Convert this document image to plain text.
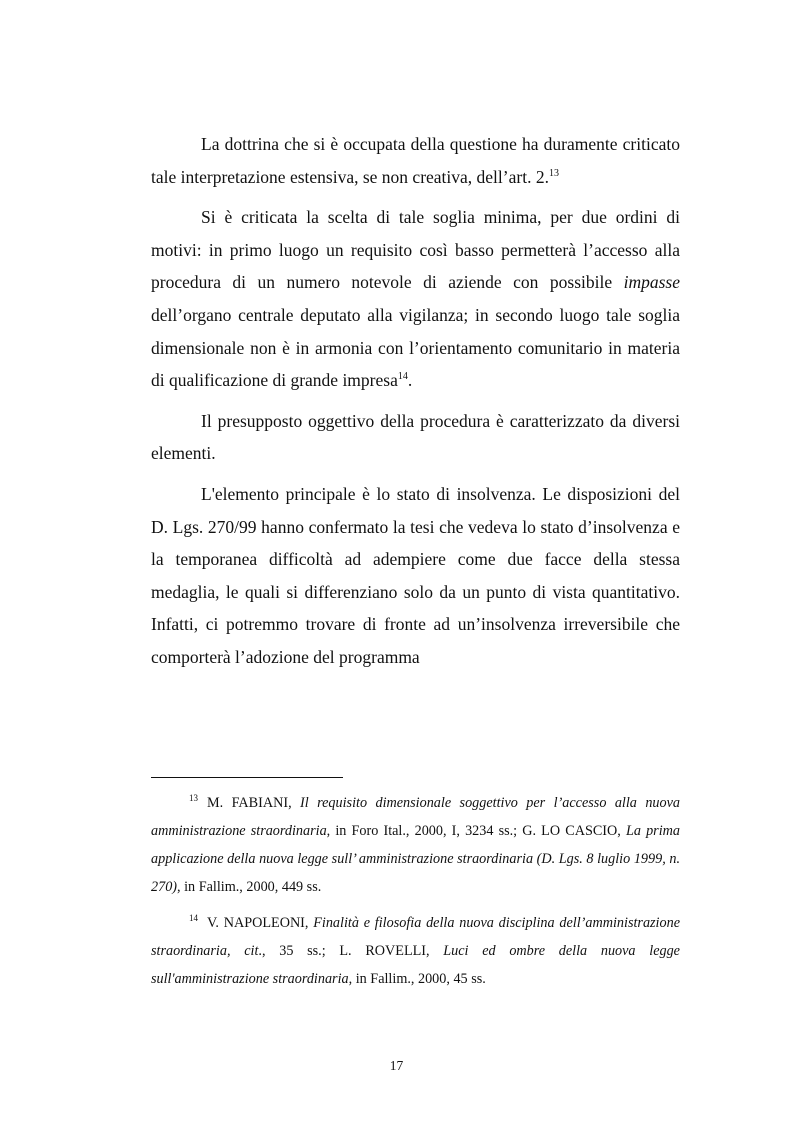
La dottrina che si è occupata della questione ha duramente criticato tale interpretazione estensiva, se non creativa, dell’art. 2.13

Si è criticata la scelta di tale soglia minima, per due ordini di motivi: in primo luogo un requisito così basso permetterà l’accesso alla procedura di un numero notevole di aziende con possibile impasse dell’organo centrale deputato alla vigilanza; in secondo luogo tale soglia dimensionale non è in armonia con l’orientamento comunitario in materia di qualificazione di grande impresa$^{14}$.

Il presupposto oggettivo della procedura è caratterizzato da diversi elementi.

L'elemento principale è lo stato di insolvenza. Le disposizioni del D. Lgs. 270/99 hanno confermato la tesi che vedeva lo stato d’insolvenza e la temporanea difficoltà ad adempiere come due facce della stessa medaglia, le quali si differenziano solo da un punto di vista quantitativo. Infatti, ci potremmo trovare di fronte ad un’insolvenza irreversibile che comporterà l’adozione del programma

$^{13}$ M. FABIANI, Il requisito dimensionale soggettivo per l’accesso alla nuova amministrazione straordinaria, in Foro Ital., 2000, I, 3234 ss.; G. LO CASCIO, La prima applicazione della nuova legge sull’ amministrazione straordinaria (D. Lgs. 8 luglio 1999, n. 270), in Fallim., 2000, 449 ss.

$^{14}$ V. NAPOLEONI, Finalità e filosofia della nuova disciplina dell’amministrazione straordinaria, cit., 35 ss.; L. ROVELLI, Luci ed ombre della nuova legge sull'amministrazione straordinaria, in Fallim., 2000, 45 ss.

17
